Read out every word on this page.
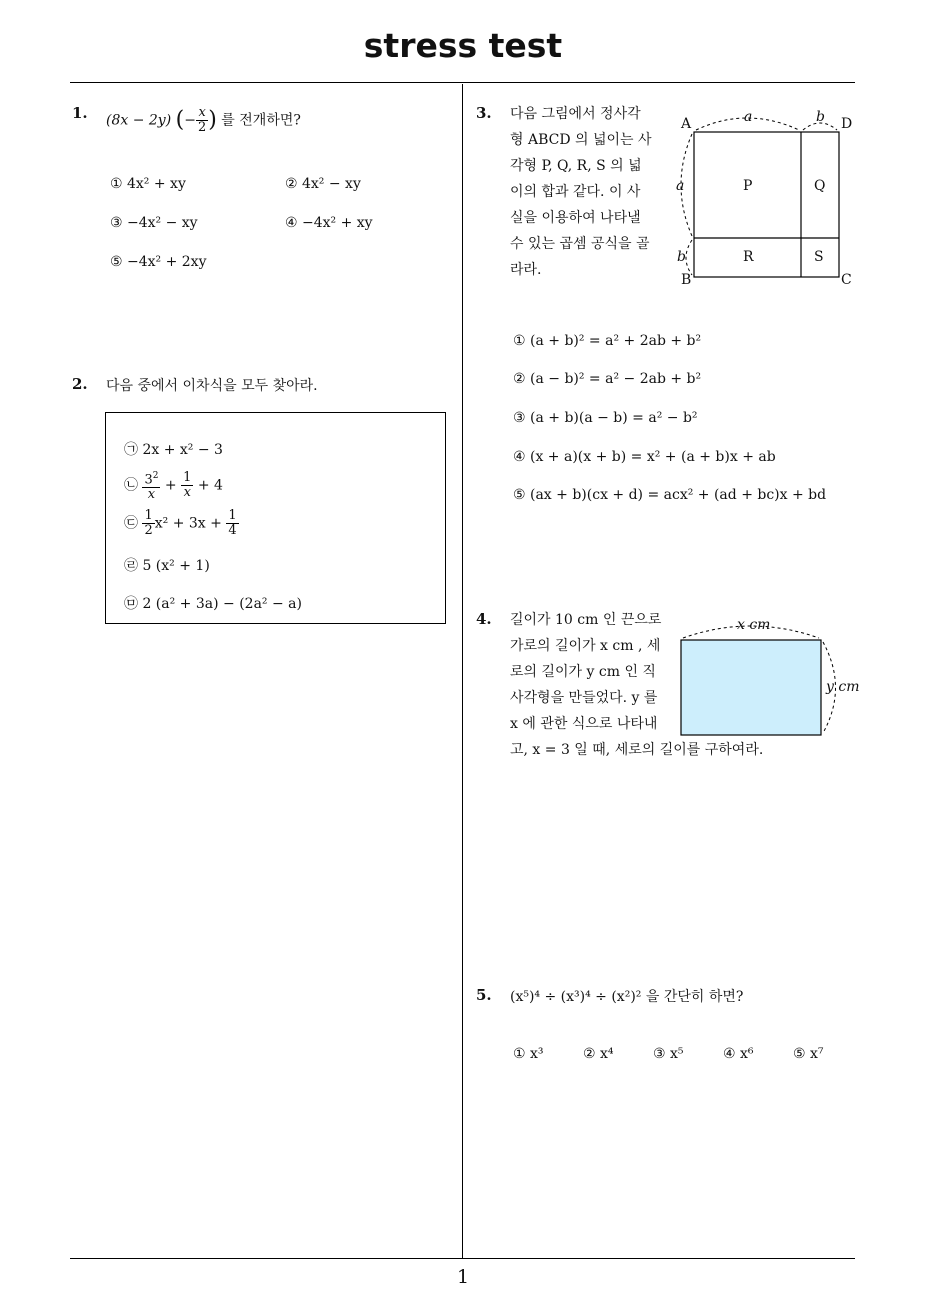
stress test
1
1. (8x − 2y) (− $\frac{x}{2}$ ) 를 전개하면?
① 4x² + xy	② 4x² − xy
③ −4x² − xy	④ −4x² + xy
⑤ −4x² + 2xy
2. 다음 중에서 이차식을 모두 찾아라.
㉠ 2x + x² − 3
㉡ $\frac{3^2}{x} + \frac{1}{x} + 4$
㉢ $\frac{1}{2} x^2 + 3x + \frac{1}{4}$
㉣ 5 (x² + 1)
㉤ 2 (a² + 3a) − (2a² − a)
3. 다음 그림에서 정사각
형 ABCD 의 넓이는 사
각형 P, Q, R, S 의 넓
이의 합과 같다. 이 사
실을 이용하여 나타낼
수 있는 곱셈 공식을 골
라라.
A	D
B	C
a	b
a
b
P	Q
R	S
① (a + b)² = a² + 2ab + b²
② (a − b)² = a² − 2ab + b²
③ (a + b)(a − b) = a² − b²
④ (x + a)(x + b) = x² + (a + b)x + ab
⑤ (ax + b)(cx + d) = acx² + (ad + bc)x + bd
4. 길이가 10 cm 인 끈으로
가로의 길이가 x cm , 세
로의 길이가 y cm 인 직
사각형을 만들었다. y 를
x 에 관한 식으로 나타내
고, x = 3 일 때, 세로의 길이를 구하여라.
x cm
y cm
5. (x⁵)⁴ ÷ (x³)⁴ ÷ (x²)² 을 간단히 하면?
① x³	② x⁴	③ x⁵	④ x⁶	⑤ x⁷
